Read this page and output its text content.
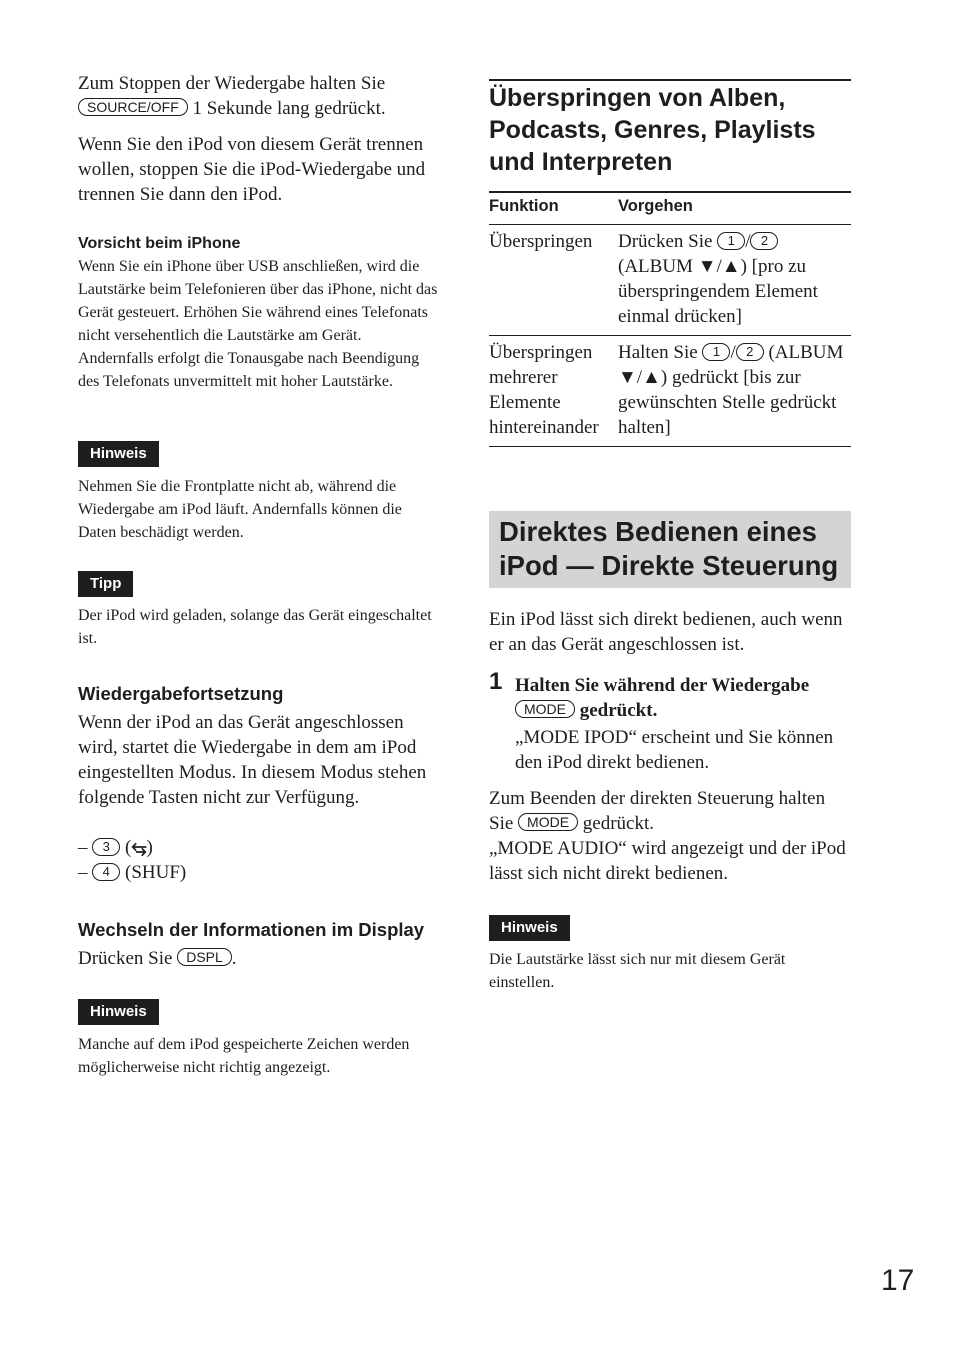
Zum Stoppen der Wiedergabe halten Sie
SOURCE/OFF 1 Sekunde lang gedrückt.

Wenn Sie den iPod von diesem Gerät trennen wollen, stoppen Sie die iPod-Wiedergabe und trennen Sie dann den iPod.

Vorsicht beim iPhone

Wenn Sie ein iPhone über USB anschließen, wird die Lautstärke beim Telefonieren über das iPhone, nicht das Gerät gesteuert. Erhöhen Sie während eines Telefonats nicht versehentlich die Lautstärke am Gerät. Andernfalls erfolgt die Tonausgabe nach Beendigung des Telefonats unvermittelt mit hoher Lautstärke.

Hinweis

Nehmen Sie die Frontplatte nicht ab, während die Wiedergabe am iPod läuft. Andernfalls können die Daten beschädigt werden.

Tipp

Der iPod wird geladen, solange das Gerät eingeschaltet ist.

Wiedergabefortsetzung

Wenn der iPod an das Gerät angeschlossen wird, startet die Wiedergabe in dem am iPod eingestellten Modus. In diesem Modus stehen folgende Tasten nicht zur Verfügung.

– 3 (⥃)

– 4 (SHUF)

Wechseln der Informationen im Display

Drücken Sie DSPL .

Hinweis

Manche auf dem iPod gespeicherte Zeichen werden möglicherweise nicht richtig angezeigt.

Überspringen von Alben, Podcasts, Genres, Playlists und Interpreten
Funktion	Vorgehen
Überspringen	Drücken Sie 1 / 2 (ALBUM ▼/▲) [pro zu überspringendem Element einmal drücken]
Überspringen mehrerer Elemente hintereinander	Halten Sie 1 / 2 (ALBUM ▼/▲) gedrückt [bis zur gewünschten Stelle gedrückt halten]
Direktes Bedienen eines iPod — Direkte Steuerung

Ein iPod lässt sich direkt bedienen, auch wenn er an das Gerät angeschlossen ist.

1 Halten Sie während der Wiedergabe
MODE gedrückt.

„MODE IPOD“ erscheint und Sie können den iPod direkt bedienen.

Zum Beenden der direkten Steuerung halten Sie MODE gedrückt.
„MODE AUDIO“ wird angezeigt und der iPod lässt sich nicht direkt bedienen.

Hinweis

Die Lautstärke lässt sich nur mit diesem Gerät einstellen.

17
